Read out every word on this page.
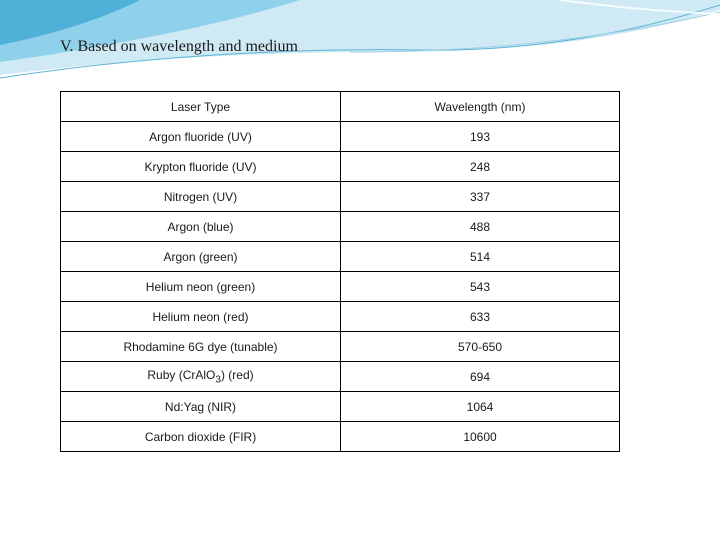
V. Based on wavelength and medium
Laser Type	Wavelength (nm)
Argon fluoride (UV)	193
Krypton fluoride (UV)	248
Nitrogen (UV)	337
Argon (blue)	488
Argon (green)	514
Helium neon (green)	543
Helium neon (red)	633
Rhodamine 6G dye (tunable)	570-650
Ruby (CrAlO$_3$) (red)	694
Nd:Yag (NIR)	1064
Carbon dioxide (FIR)	10600
